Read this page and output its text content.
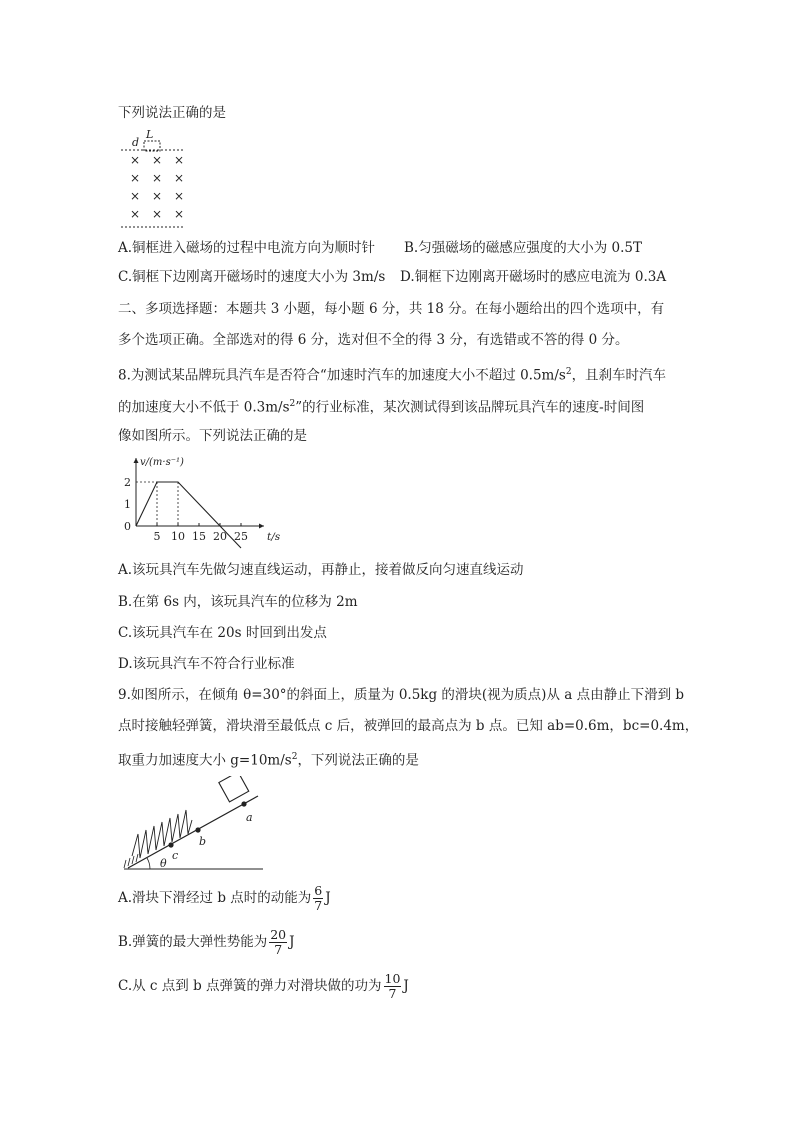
下列说法正确的是
d
L
× × ×
× × ×
× × ×
× × ×
A.铜框进入磁场的过程中电流方向为顺时针 B.匀强磁场的磁感应强度的大小为 0.5T
C.铜框下边刚离开磁场时的速度大小为 3m/s D.铜框下边刚离开磁场时的感应电流为 0.3A
二、多项选择题：本题共 3 小题，每小题 6 分，共 18 分。在每小题给出的四个选项中，有
多个选项正确。全部选对的得 6 分，选对但不全的得 3 分，有选错或不答的得 0 分。
8.为测试某品牌玩具汽车是否符合“加速时汽车的加速度大小不超过 $0.5m/s^2$，且刹车时汽车
的加速度大小不低于 $0.3m/s^2$”的行业标准，某次测试得到该品牌玩具汽车的速度-时间图
像如图所示。下列说法正确的是
5 10 15 20 25
0
1
2
v/(m·s⁻¹)
t/s
A.该玩具汽车先做匀速直线运动，再静止，接着做反向匀速直线运动
B.在第 6s 内，该玩具汽车的位移为 2m
C.该玩具汽车在 20s 时回到出发点
D.该玩具汽车不符合行业标准
9.如图所示，在倾角 θ=30°的斜面上，质量为 0.5kg 的滑块(视为质点)从 a 点由静止下滑到 b
点时接触轻弹簧，滑块滑至最低点 c 后，被弹回的最高点为 b 点。已知 ab=0.6m，bc=0.4m，
取重力加速度大小 $g=10m/s^2$，下列说法正确的是
a
b
c
θ
A.滑块下滑经过 b 点时的动能为 $\frac{6}{7}$ J
B.弹簧的最大弹性势能为 $\frac{20}{7}$ J
C.从 c 点到 b 点弹簧的弹力对滑块做的功为 $\frac{10}{7}$ J
